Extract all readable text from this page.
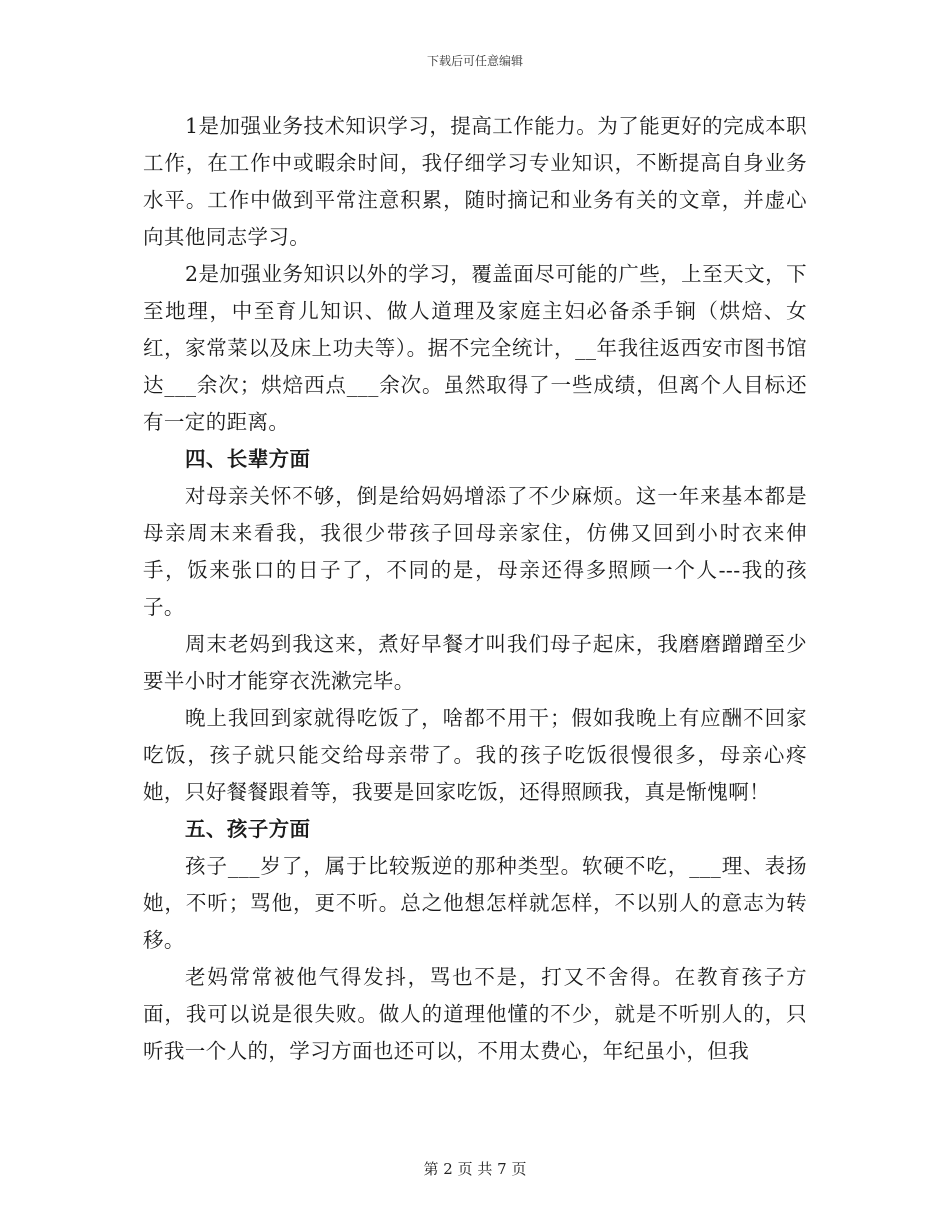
下载后可任意编辑

1是加强业务技术知识学习，提高工作能力。为了能更好的完成本职工作，在工作中或暇余时间，我仔细学习专业知识，不断提高自身业务水平。工作中做到平常注意积累，随时摘记和业务有关的文章，并虚心向其他同志学习。

2是加强业务知识以外的学习，覆盖面尽可能的广些，上至天文，下至地理，中至育儿知识、做人道理及家庭主妇必备杀手锏（烘焙、女红，家常菜以及床上功夫等）。据不完全统计，__年我往返西安市图书馆达___余次；烘焙西点___余次。虽然取得了一些成绩，但离个人目标还有一定的距离。

四、长辈方面

对母亲关怀不够，倒是给妈妈增添了不少麻烦。这一年来基本都是母亲周末来看我，我很少带孩子回母亲家住，仿佛又回到小时衣来伸手，饭来张口的日子了，不同的是，母亲还得多照顾一个人---我的孩子。

周末老妈到我这来，煮好早餐才叫我们母子起床，我磨磨蹭蹭至少要半小时才能穿衣洗漱完毕。

晚上我回到家就得吃饭了，啥都不用干；假如我晚上有应酬不回家吃饭，孩子就只能交给母亲带了。我的孩子吃饭很慢很多，母亲心疼她，只好餐餐跟着等，我要是回家吃饭，还得照顾我，真是惭愧啊！

五、孩子方面

孩子___岁了，属于比较叛逆的那种类型。软硬不吃，___理、表扬她，不听；骂他，更不听。总之他想怎样就怎样，不以别人的意志为转移。

老妈常常被他气得发抖，骂也不是，打又不舍得。在教育孩子方面，我可以说是很失败。做人的道理他懂的不少，就是不听别人的，只听我一个人的，学习方面也还可以，不用太费心，年纪虽小，但我

第 2 页 共 7 页
